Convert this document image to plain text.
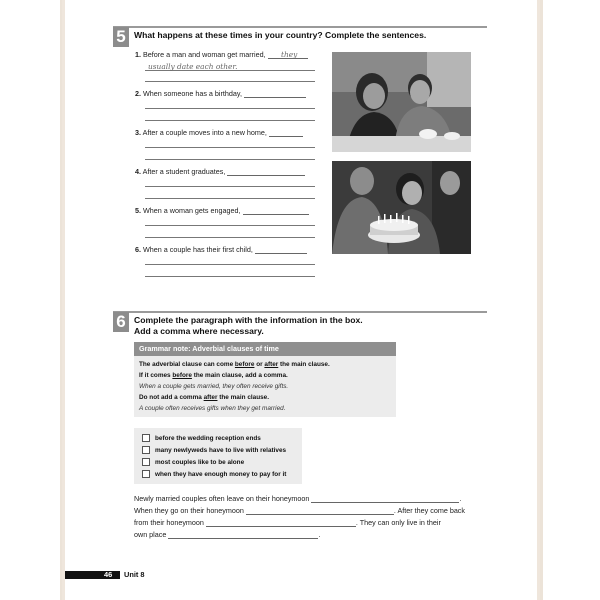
5 What happens at these times in your country? Complete the sentences.
1. Before a man and woman get married,	they
usually date each other.
2. When someone has a birthday,
3. After a couple moves into a new home,
4. After a student graduates,
5. When a woman gets engaged,
6. When a couple has their first child,
6 Complete the paragraph with the information in the box.
Add a comma where necessary.
Grammar note: Adverbial clauses of time
The adverbial clause can come before or after the main clause.
If it comes before the main clause, add a comma.
When a couple gets married, they often receive gifts.
Do not add a comma after the main clause.
A couple often receives gifts when they get married.
before the wedding reception ends
many newlyweds have to live with relatives
most couples like to be alone
when they have enough money to pay for it
Newly married couples often leave on their honeymoon	.
When they go on their honeymoon	. After they come back
from their honeymoon	. They can only live in their
own place	.
46 Unit 8
